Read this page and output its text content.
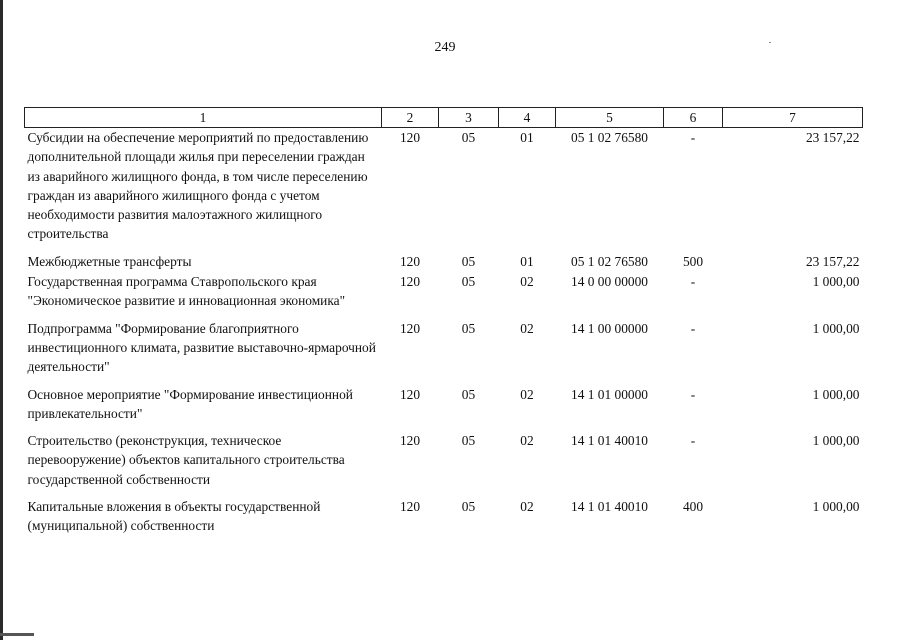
249
1	2	3	4	5	6	7
Субсидии на обеспечение мероприятий по предоставлению дополнительной площади жилья при переселении граждан из аварийного жилищного фонда, в том числе переселению граждан из аварийного жилищного фонда с учетом необходимости развития малоэтажного жилищного строительства	120	05	01	05 1 02 76580	-	23 157,22
Межбюджетные трансферты	120	05	01	05 1 02 76580	500	23 157,22
Государственная программа Ставропольского края "Экономическое развитие и инновационная экономика"	120	05	02	14 0 00 00000	-	1 000,00
Подпрограмма "Формирование благоприятного инвестиционного климата, развитие выставочно-ярмарочной деятельности"	120	05	02	14 1 00 00000	-	1 000,00
Основное мероприятие "Формирование инвестиционной привлекательности"	120	05	02	14 1 01 00000	-	1 000,00
Строительство (реконструкция, техническое перевооружение) объектов капитального строительства государственной собственности	120	05	02	14 1 01 40010	-	1 000,00
Капитальные вложения в объекты государственной (муниципальной) собственности	120	05	02	14 1 01 40010	400	1 000,00
